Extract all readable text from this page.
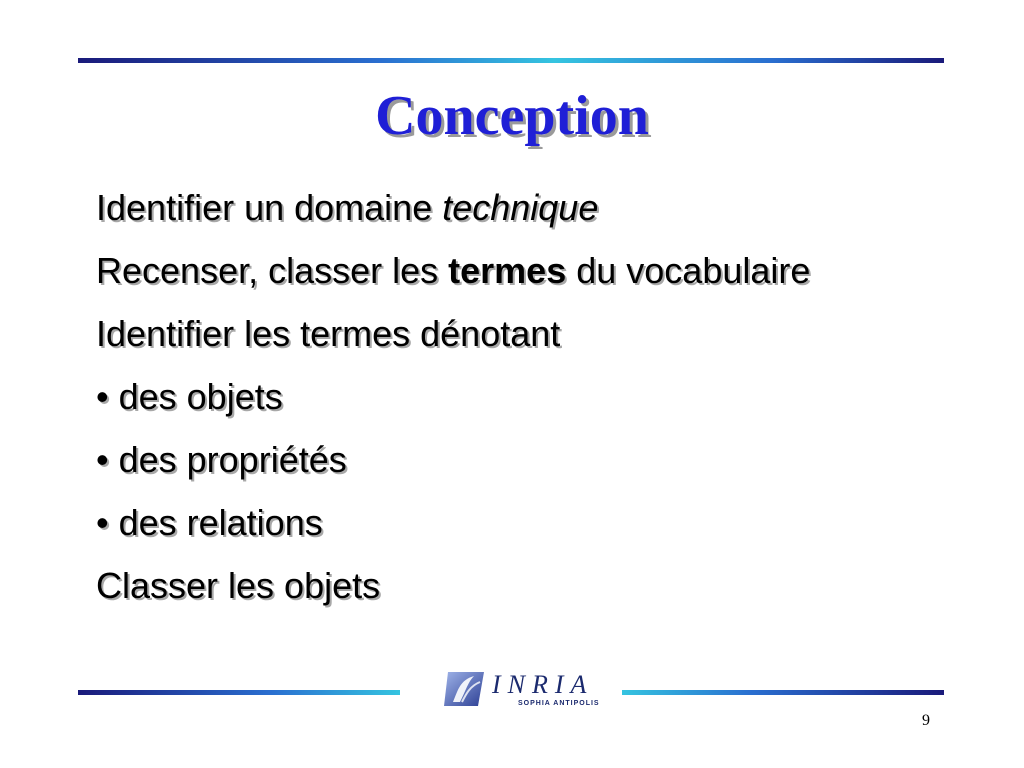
Conception

Identifier un domaine technique

Recenser, classer les termes du vocabulaire

Identifier les termes dénotant

• des objets

• des propriétés

• des relations

Classer les objets

INRIA
SOPHIA ANTIPOLIS
9
